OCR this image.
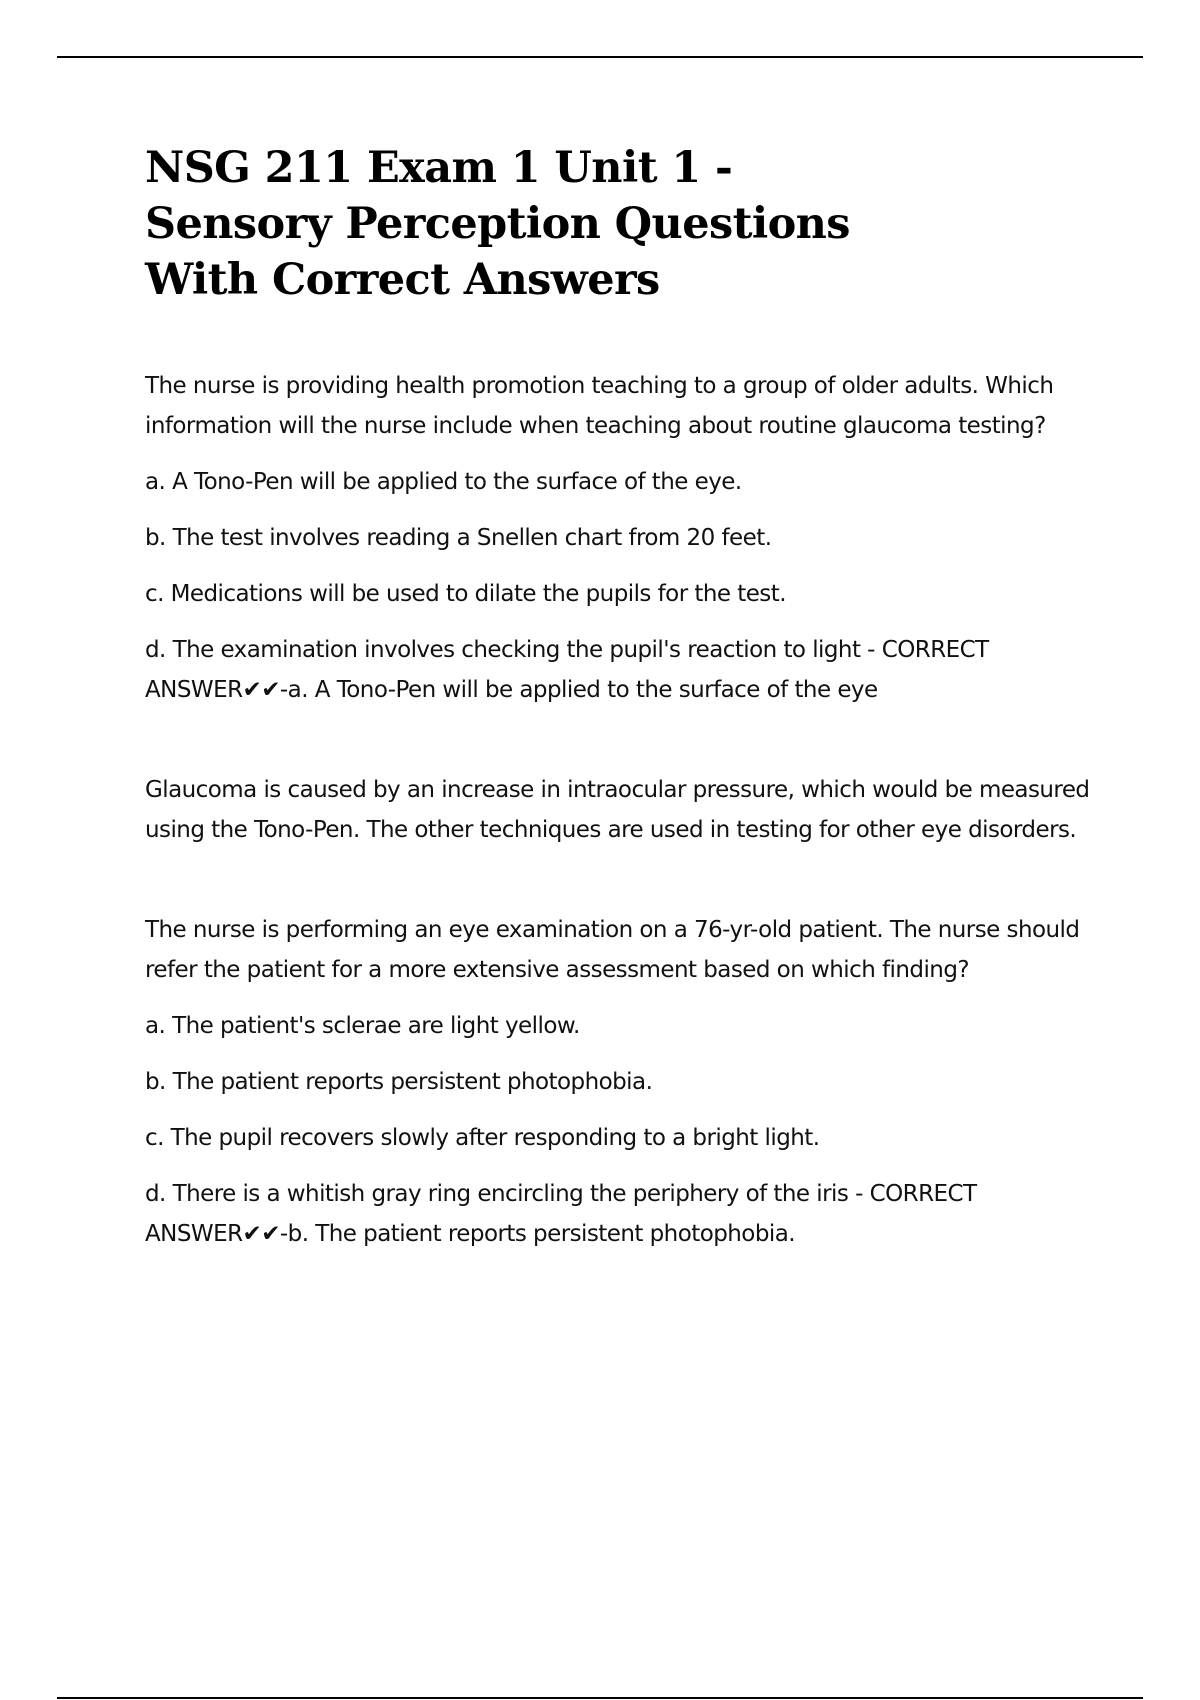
NSG 211 Exam 1 Unit 1 - Sensory Perception Questions With Correct Answers

The nurse is providing health promotion teaching to a group of older adults. Which information will the nurse include when teaching about routine glaucoma testing?

a. A Tono-Pen will be applied to the surface of the eye.

b. The test involves reading a Snellen chart from 20 feet.

c. Medications will be used to dilate the pupils for the test.

d. The examination involves checking the pupil's reaction to light - CORRECT ANSWER✔✔-a. A Tono-Pen will be applied to the surface of the eye

Glaucoma is caused by an increase in intraocular pressure, which would be measured using the Tono-Pen. The other techniques are used in testing for other eye disorders.

The nurse is performing an eye examination on a 76-yr-old patient. The nurse should refer the patient for a more extensive assessment based on which finding?

a. The patient's sclerae are light yellow.

b. The patient reports persistent photophobia.

c. The pupil recovers slowly after responding to a bright light.

d. There is a whitish gray ring encircling the periphery of the iris - CORRECT ANSWER✔✔-b. The patient reports persistent photophobia.
